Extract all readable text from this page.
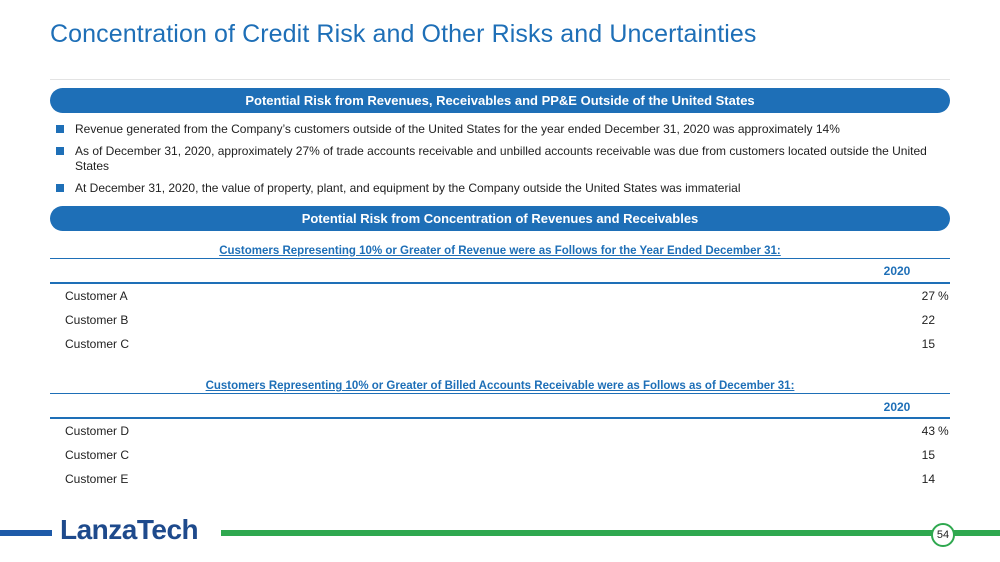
Concentration of Credit Risk and Other Risks and Uncertainties
Potential Risk from Revenues, Receivables and PP&E Outside of the United States
Revenue generated from the Company’s customers outside of the United States for the year ended December 31, 2020 was approximately 14%
As of December 31, 2020, approximately 27% of trade accounts receivable and unbilled accounts receivable was due from customers located outside the United States
At December 31, 2020, the value of property, plant, and equipment by the Company outside the United States was immaterial
Potential Risk from Concentration of Revenues and Receivables
Customers Representing 10% or Greater of Revenue were as Follows for the Year Ended December 31:
2020
Customer A	27 %
Customer B	22
Customer C	15
Customers Representing 10% or Greater of Billed Accounts Receivable were as Follows as of December 31:
2020
Customer D	43 %
Customer C	15
Customer E	14
LanzaTech	54
